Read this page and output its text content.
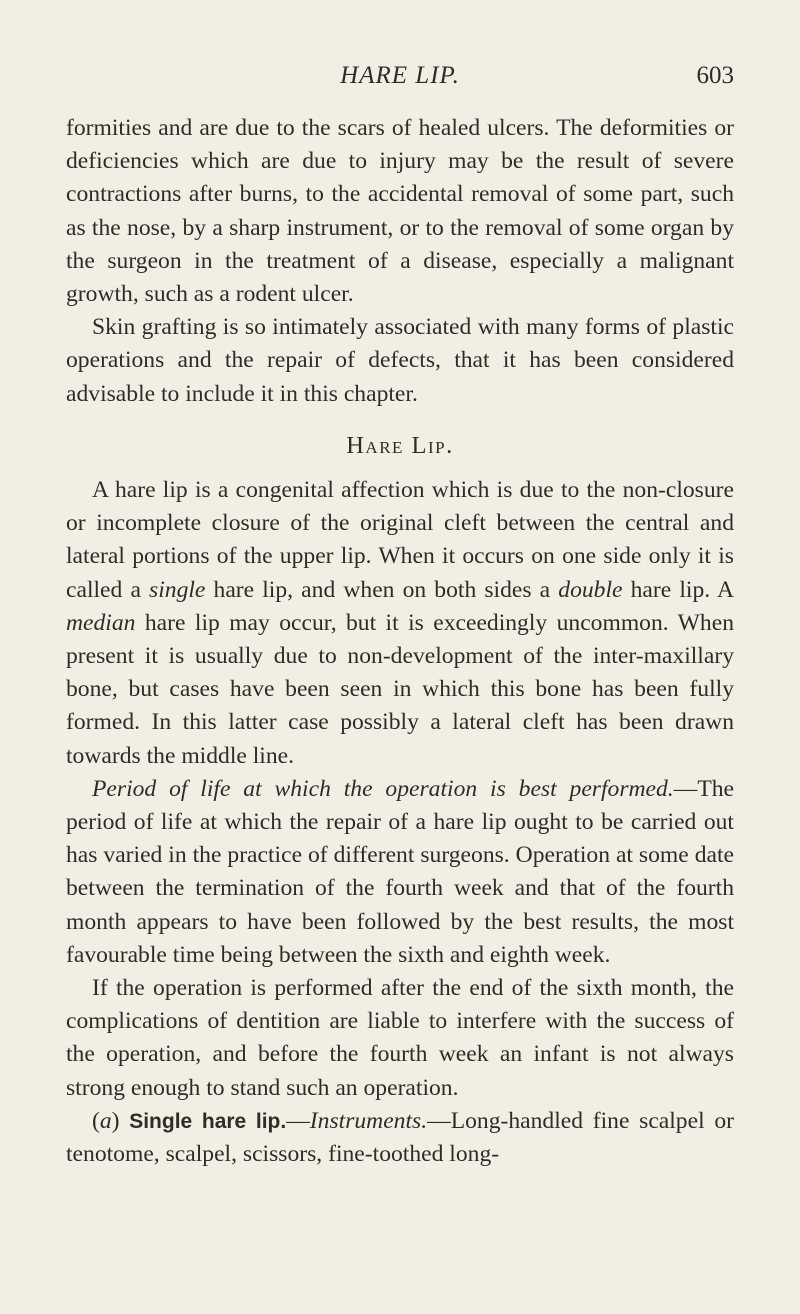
HARE LIP.	603

formities and are due to the scars of healed ulcers. The deformities or deficiencies which are due to injury may be the result of severe contractions after burns, to the accidental removal of some part, such as the nose, by a sharp instrument, or to the removal of some organ by the surgeon in the treatment of a disease, especially a malignant growth, such as a rodent ulcer.

Skin grafting is so intimately associated with many forms of plastic operations and the repair of defects, that it has been considered advisable to include it in this chapter.

Hare Lip.

A hare lip is a congenital affection which is due to the non-closure or incomplete closure of the original cleft between the central and lateral portions of the upper lip. When it occurs on one side only it is called a single hare lip, and when on both sides a double hare lip. A median hare lip may occur, but it is exceedingly uncommon. When present it is usually due to non-development of the inter-maxillary bone, but cases have been seen in which this bone has been fully formed. In this latter case possibly a lateral cleft has been drawn towards the middle line.

Period of life at which the operation is best performed.—The period of life at which the repair of a hare lip ought to be carried out has varied in the practice of different surgeons. Operation at some date between the termination of the fourth week and that of the fourth month appears to have been followed by the best results, the most favourable time being between the sixth and eighth week.

If the operation is performed after the end of the sixth month, the complications of dentition are liable to interfere with the success of the operation, and before the fourth week an infant is not always strong enough to stand such an operation.

(a) Single hare lip.—Instruments.—Long-handled fine scalpel or tenotome, scalpel, scissors, fine-toothed long-
